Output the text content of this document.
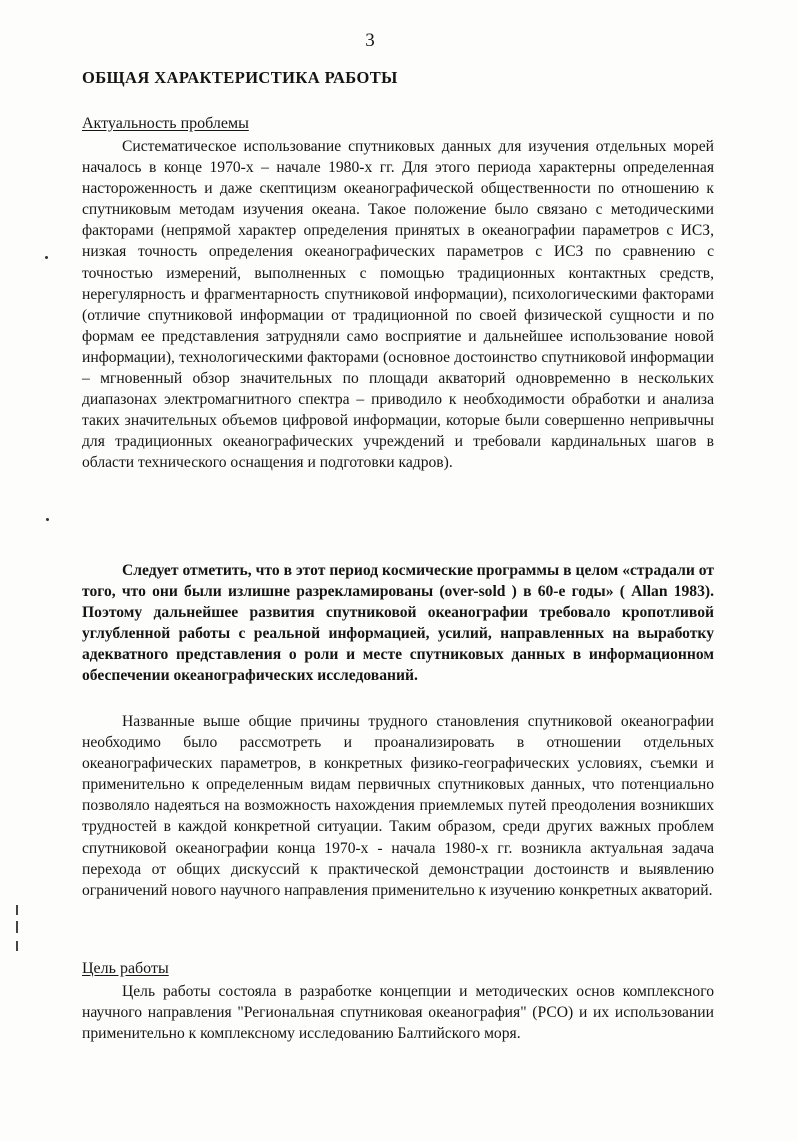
3
ОБЩАЯ ХАРАКТЕРИСТИКА РАБОТЫ
Актуальность проблемы

Систематическое использование спутниковых данных для изучения отдельных морей началось в конце 1970-х – начале 1980-х гг. Для этого периода характерны определенная настороженность и даже скептицизм океанографической общественности по отношению к спутниковым методам изучения океана. Такое положение было связано с методическими факторами (непрямой характер определения принятых в океанографии параметров с ИСЗ, низкая точность определения океанографических параметров с ИСЗ по сравнению с точностью измерений, выполненных с помощью традиционных контактных средств, нерегулярность и фрагментарность спутниковой информации), психологическими факторами (отличие спутниковой информации от традиционной по своей физической сущности и по формам ее представления затрудняли само восприятие и дальнейшее использование новой информации), технологическими факторами (основное достоинство спутниковой информации – мгновенный обзор значительных по площади акваторий одновременно в нескольких диапазонах электромагнитного спектра – приводило к необходимости обработки и анализа таких значительных объемов цифровой информации, которые были совершенно непривычны для традиционных океанографических учреждений и требовали кардинальных шагов в области технического оснащения и подготовки кадров).

Следует отметить, что в этот период космические программы в целом «страдали от того, что они были излишне разрекламированы (over-sold ) в 60-е годы» ( Allan 1983). Поэтому дальнейшее развития спутниковой океанографии требовало кропотливой углубленной работы с реальной информацией, усилий, направленных на выработку адекватного представления о роли и месте спутниковых данных в информационном обеспечении океанографических исследований.

Названные выше общие причины трудного становления спутниковой океанографии необходимо было рассмотреть и проанализировать в отношении отдельных океанографических параметров, в конкретных физико-географических условиях, съемки и применительно к определенным видам первичных спутниковых данных, что потенциально позволяло надеяться на возможность нахождения приемлемых путей преодоления возникших трудностей в каждой конкретной ситуации. Таким образом, среди других важных проблем спутниковой океанографии конца 1970-х - начала 1980-х гг. возникла актуальная задача перехода от общих дискуссий к практической демонстрации достоинств и выявлению ограничений нового научного направления применительно к изучению конкретных акваторий.

Цель работы

Цель работы состояла в разработке концепции и методических основ комплексного научного направления "Региональная спутниковая океанография" (РСО) и их использовании применительно к комплексному исследованию Балтийского моря.
